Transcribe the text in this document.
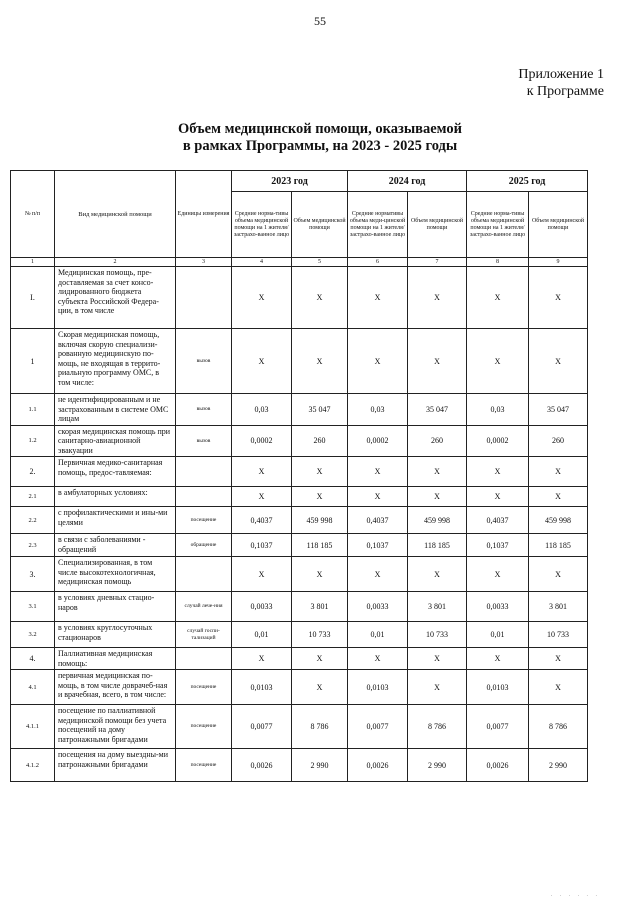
55
Приложение 1
к Программе
Объем медицинской помощи, оказываемой
в рамках Программы, на 2023 - 2025 годы
№ п/п	Вид медицинской помощи	Единицы измерения	2023 год		2024 год		2025 год	
			Средние норма-тивы объема медицинской помощи на 1 жителя/застрахо-ванное лицо	Объем медицинской помощи	Средние нормативы объема меди-цинской помощи на 1 жителя/ застрахо-ванное лицо	Объем медицинской помощи	Средние норма-тивы объема медицинской помощи на 1 жителя/застрахо-ванное лицо	Объем медицинской помощи
1	2	3	4	5	6	7	8	9
I.	Медицинская помощь, пре-доставляемая за счет консо-лидированного бюджета субъекта Российской Федера-ции, в том числе		X	X	X	X	X	X
1	Скорая медицинская помощь, включая скорую специализи-рованную медицинскую по-мощь, не входящая в террито-риальную программу ОМС, в том числе:	вызов	X	X	X	X	X	X
1.1	не идентифицированным и не застрахованным в системе ОМС лицам	вызов	0,03	35 047	0,03	35 047	0,03	35 047
1.2	скорая медицинская помощь при санитарно-авиационной эвакуации	вызов	0,0002	260	0,0002	260	0,0002	260
2.	Первичная медико-санитарная помощь, предос-тавляемая:		X	X	X	X	X	X
2.1	в амбулаторных условиях:		X	X	X	X	X	X
2.2	с профилактическими и ины-ми целями	посещение	0,4037	459 998	0,4037	459 998	0,4037	459 998
2.3	в связи с заболеваниями - обращений	обращение	0,1037	118 185	0,1037	118 185	0,1037	118 185
3.	Специализированная, в том числе высокотехнологичная, медицинская помощь		X	X	X	X	X	X
3.1	в условиях дневных стацио-наров	случай лече-ния	0,0033	3 801	0,0033	3 801	0,0033	3 801
3.2	в условиях круглосуточных стационаров	случай госпи-тализаций	0,01	10 733	0,01	10 733	0,01	10 733
4.	Паллиативная медицинская помощь:		X	X	X	X	X	X
4.1	первичная медицинская по-мощь, в том числе доврачеб-ная и врачебная, всего, в том числе:	посещение	0,0103	X	0,0103	X	0,0103	X
4.1.1	посещение по паллиативной медицинской помощи без учета посещений на дому патронажными бригадами	посещение	0,0077	8 786	0,0077	8 786	0,0077	8 786
4.1.2	посещения на дому выездны-ми патронажными бригадами	посещение	0,0026	2 990	0,0026	2 990	0,0026	2 990
· · · · · ·
